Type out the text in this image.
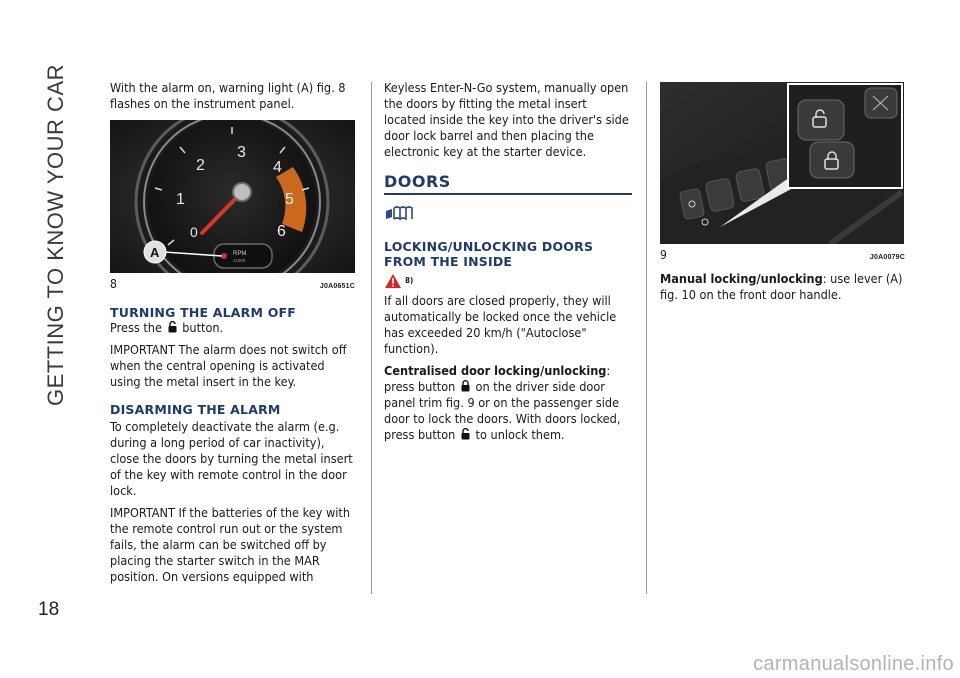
GETTING TO KNOW YOUR CAR
18

With the alarm on, warning light (A) fig. 8 flashes on the instrument panel.

0
1
2
3
4
5
6
RPM
x1000
A
8	J0A0651C
TURNING THE ALARM OFF

Press the button.

IMPORTANT The alarm does not switch off when the central opening is activated using the metal insert in the key.

DISARMING THE ALARM

To completely deactivate the alarm (e.g. during a long period of car inactivity), close the doors by turning the metal insert of the key with remote control in the door lock.

IMPORTANT If the batteries of the key with the remote control run out or the system fails, the alarm can be switched off by placing the starter switch in the MAR position. On versions equipped with

Keyless Enter-N-Go system, manually open the doors by fitting the metal insert located inside the key into the driver's side door lock barrel and then placing the electronic key at the starter device.

DOORS
LOCKING/UNLOCKING DOORS FROM THE INSIDE
8)

If all doors are closed properly, they will automatically be locked once the vehicle has exceeded 20 km/h ("Autoclose" function).

Centralised door locking/unlocking: press button on the driver side door panel trim fig. 9 or on the passenger side door to lock the doors. With doors locked, press button to unlock them.

9	J0A0079C

Manual locking/unlocking: use lever (A) fig. 10 on the front door handle.

carmanualsonline.info
